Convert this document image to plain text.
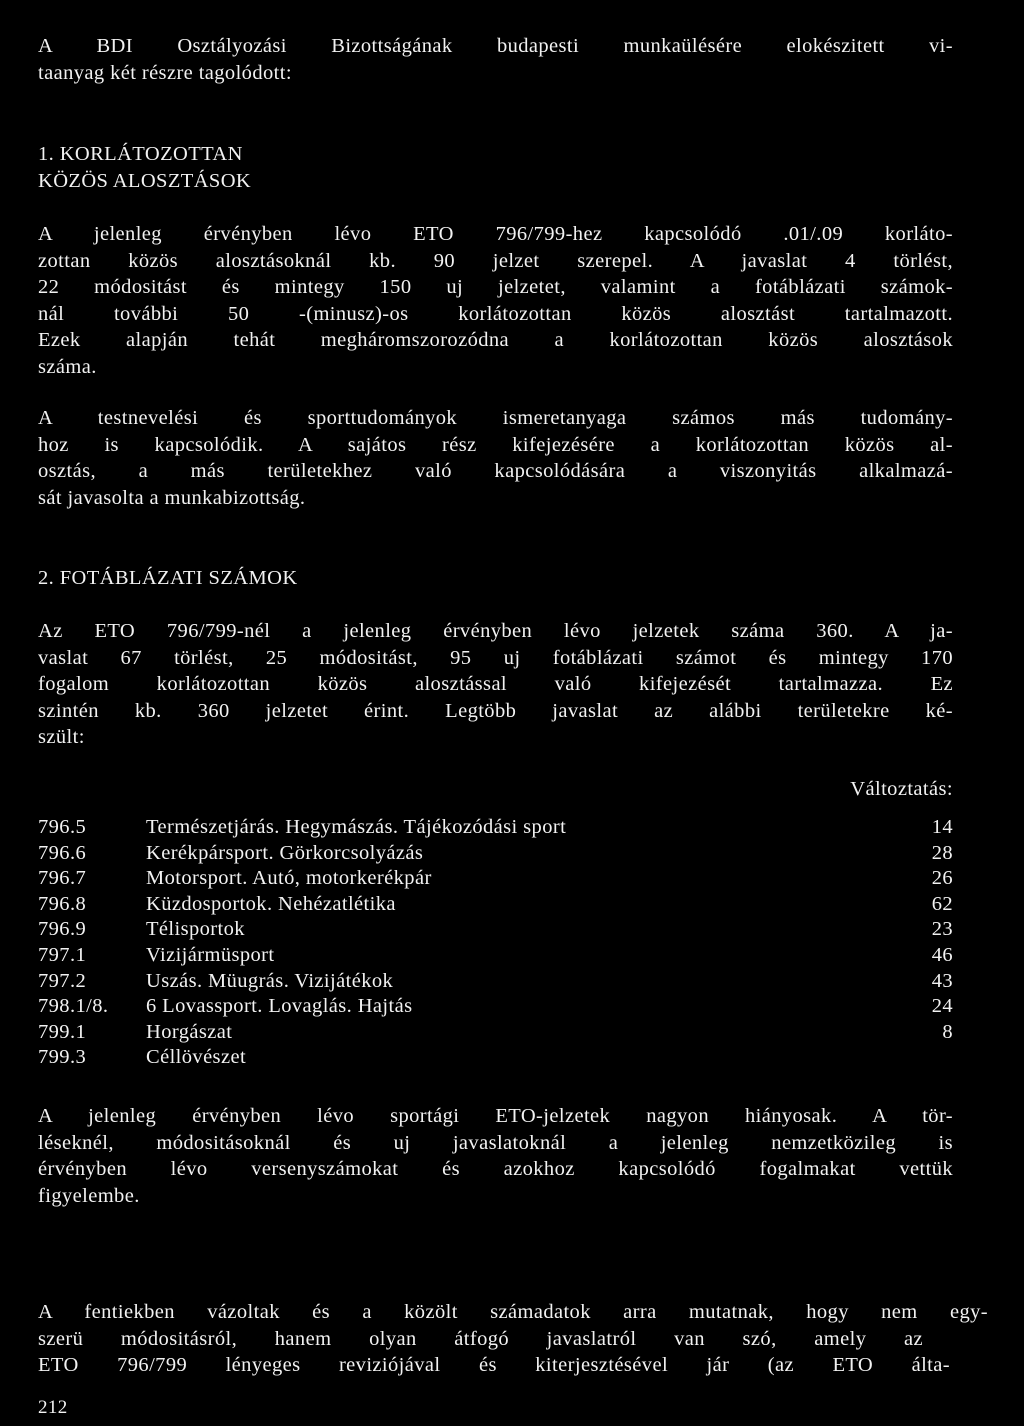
A BDI Osztályozási Bizottságának budapesti munkaülésére elokészitett vi-
taanyag két részre tagolódott:
1. KORLÁTOZOTTAN
KÖZÖS ALOSZTÁSOK
A jelenleg érvényben lévo ETO 796/799-hez kapcsolódó .01/.09 korláto-
zottan közös alosztásoknál kb. 90 jelzet szerepel. A javaslat 4 törlést,
22 módositást és mintegy 150 uj jelzetet, valamint a fotáblázati számok-
nál további 50 -(minusz)-os korlátozottan közös alosztást tartalmazott.
Ezek alapján tehát megháromszorozódna a korlátozottan közös alosztások
száma.
A testnevelési és sporttudományok ismeretanyaga számos más tudomány-
hoz is kapcsolódik. A sajátos rész kifejezésére a korlátozottan közös al-
osztás, a más területekhez való kapcsolódására a viszonyitás alkalmazá-
sát javasolta a munkabizottság.
2. FOTÁBLÁZATI SZÁMOK
Az ETO 796/799-nél a jelenleg érvényben lévo jelzetek száma 360. A ja-
vaslat 67 törlést, 25 módositást, 95 uj fotáblázati számot és mintegy 170
fogalom korlátozottan közös alosztással való kifejezését tartalmazza. Ez
szintén kb. 360 jelzetet érint. Legtöbb javaslat az alábbi területekre ké-
szült:
Változtatás:
796.5	Természetjárás. Hegymászás. Tájékozódási sport	14
796.6	Kerékpársport. Görkorcsolyázás	28
796.7	Motorsport. Autó, motorkerékpár	26
796.8	Küzdosportok. Nehézatlétika	62
796.9	Télisportok	23
797.1	Vizijármüsport	46
797.2	Uszás. Müugrás. Vizijátékok	43
798.1/8.	6 Lovassport. Lovaglás. Hajtás	24
799.1	Horgászat	8
799.3	Céllövészet
A jelenleg érvényben lévo sportági ETO-jelzetek nagyon hiányosak. A tör-
léseknél, módositásoknál és uj javaslatoknál a jelenleg nemzetközileg is
érvényben lévo versenyszámokat és azokhoz kapcsolódó fogalmakat vettük
figyelembe.
A fentiekben vázoltak és a közölt számadatok arra mutatnak, hogy nem egy-
szerü módositásról, hanem olyan átfogó javaslatról van szó, amely az
ETO 796/799 lényeges reviziójával és kiterjesztésével jár (az ETO álta-
212
